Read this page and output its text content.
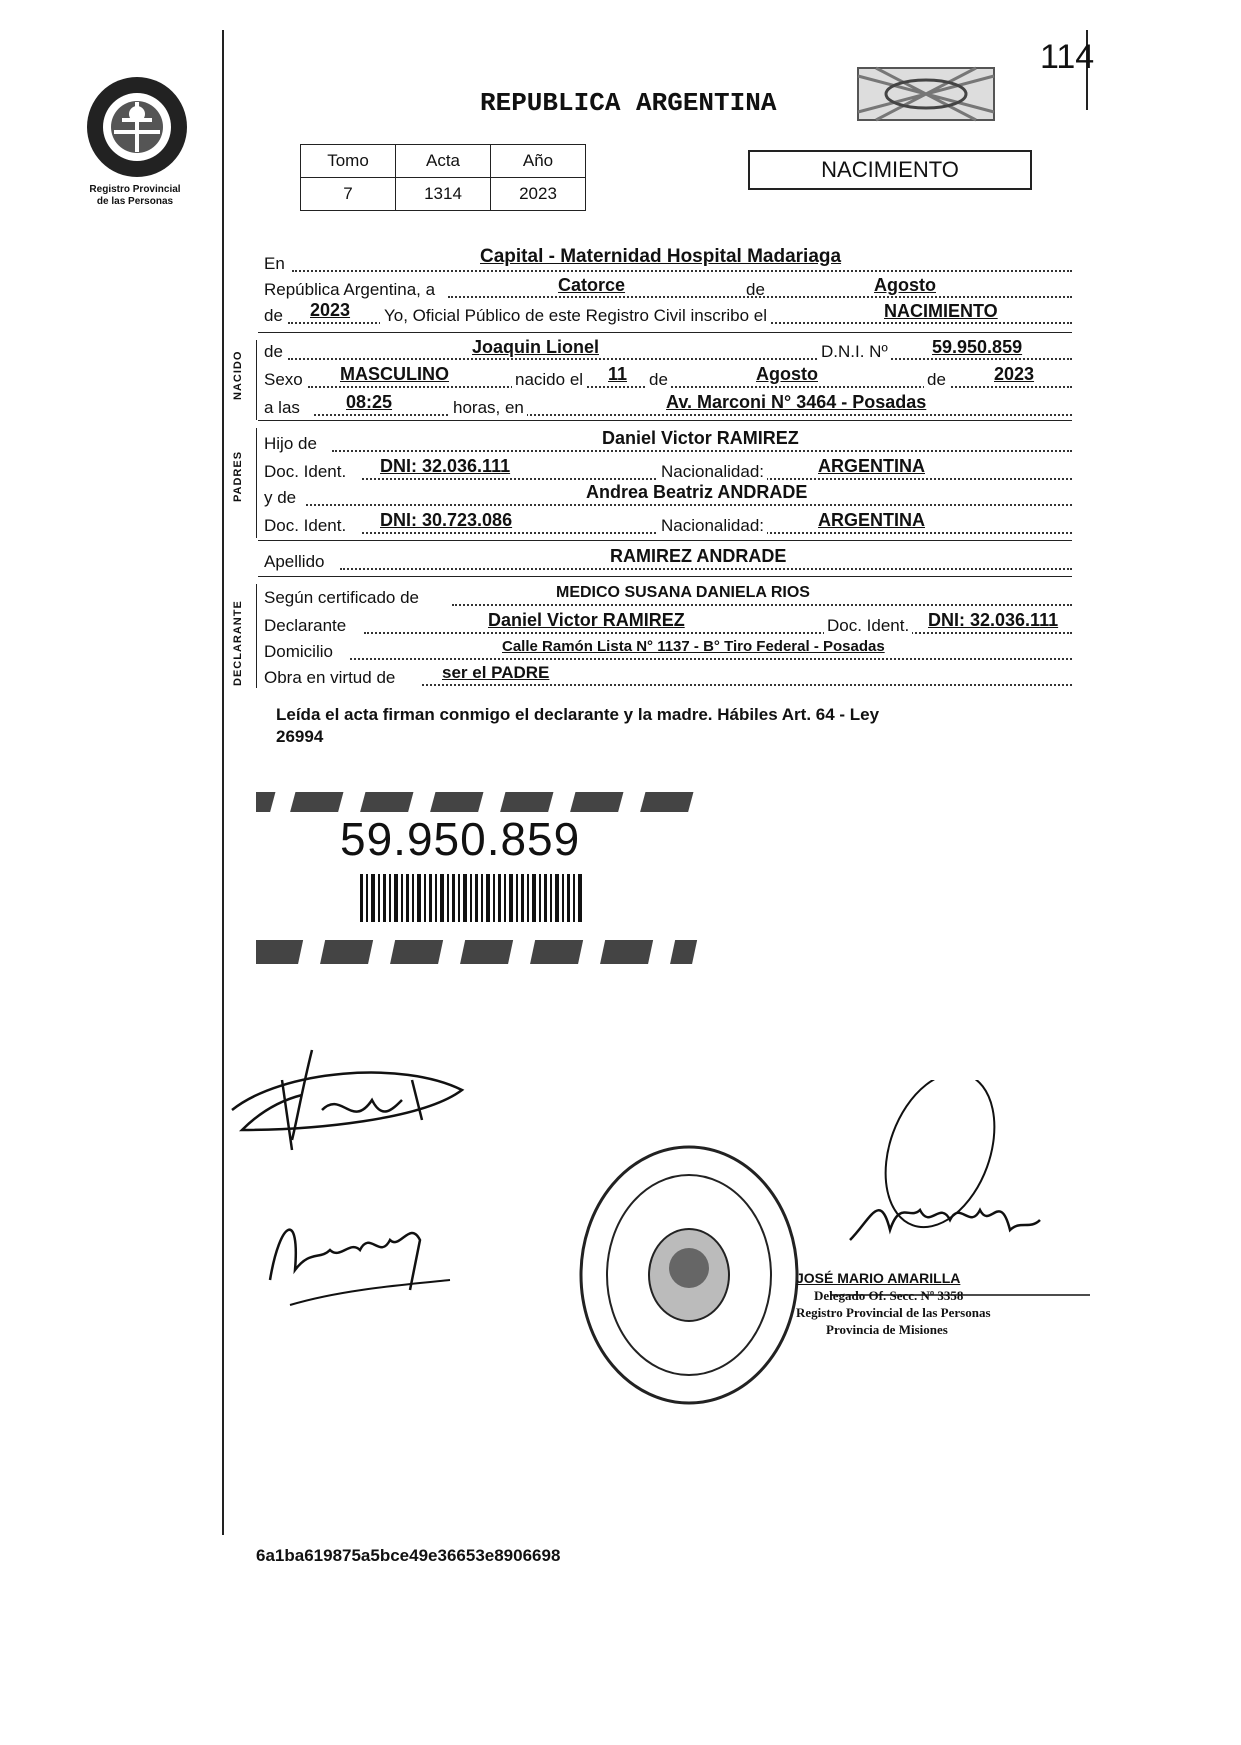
114
Registro Provincial
de las Personas
REPUBLICA ARGENTINA
Tomo	Acta	Año
7	1314	2023
NACIMIENTO
En	Capital - Maternidad Hospital Madariaga
República Argentina, a	Catorce	de	Agosto
de 2023 Yo, Oficial Público de este Registro Civil inscribo el	NACIMIENTO
NACIDO de	Joaquin Lionel	D.N.I. Nº 59.950.859
Sexo MASCULINO	nacido el 11 de	Agosto	de	2023
a las	08:25	horas, en	Av. Marconi N° 3464 - Posadas
PADRES
Hijo de	Daniel Victor RAMIREZ
Doc. Ident. DNI: 32.036.111	Nacionalidad:	ARGENTINA
y de	Andrea Beatriz ANDRADE
Doc. Ident. DNI: 30.723.086	Nacionalidad:	ARGENTINA
Apellido	RAMIREZ ANDRADE
DECLARANTE
Según certificado de	MEDICO SUSANA DANIELA RIOS
Declarante	Daniel Victor RAMIREZ	Doc. Ident. DNI: 32.036.111
Domicilio	Calle Ramón Lista N° 1137 - B° Tiro Federal - Posadas
Obra en virtud de	ser el PADRE
Leída el acta firman conmigo el declarante y la madre. Hábiles Art. 64 - Ley
26994
59.950.859
JOSÉ MARIO AMARILLA
Delegado Of. Secc. Nº 3358
Registro Provincial de las Personas
Provincia de Misiones
6a1ba619875a5bce49e36653e8906698
